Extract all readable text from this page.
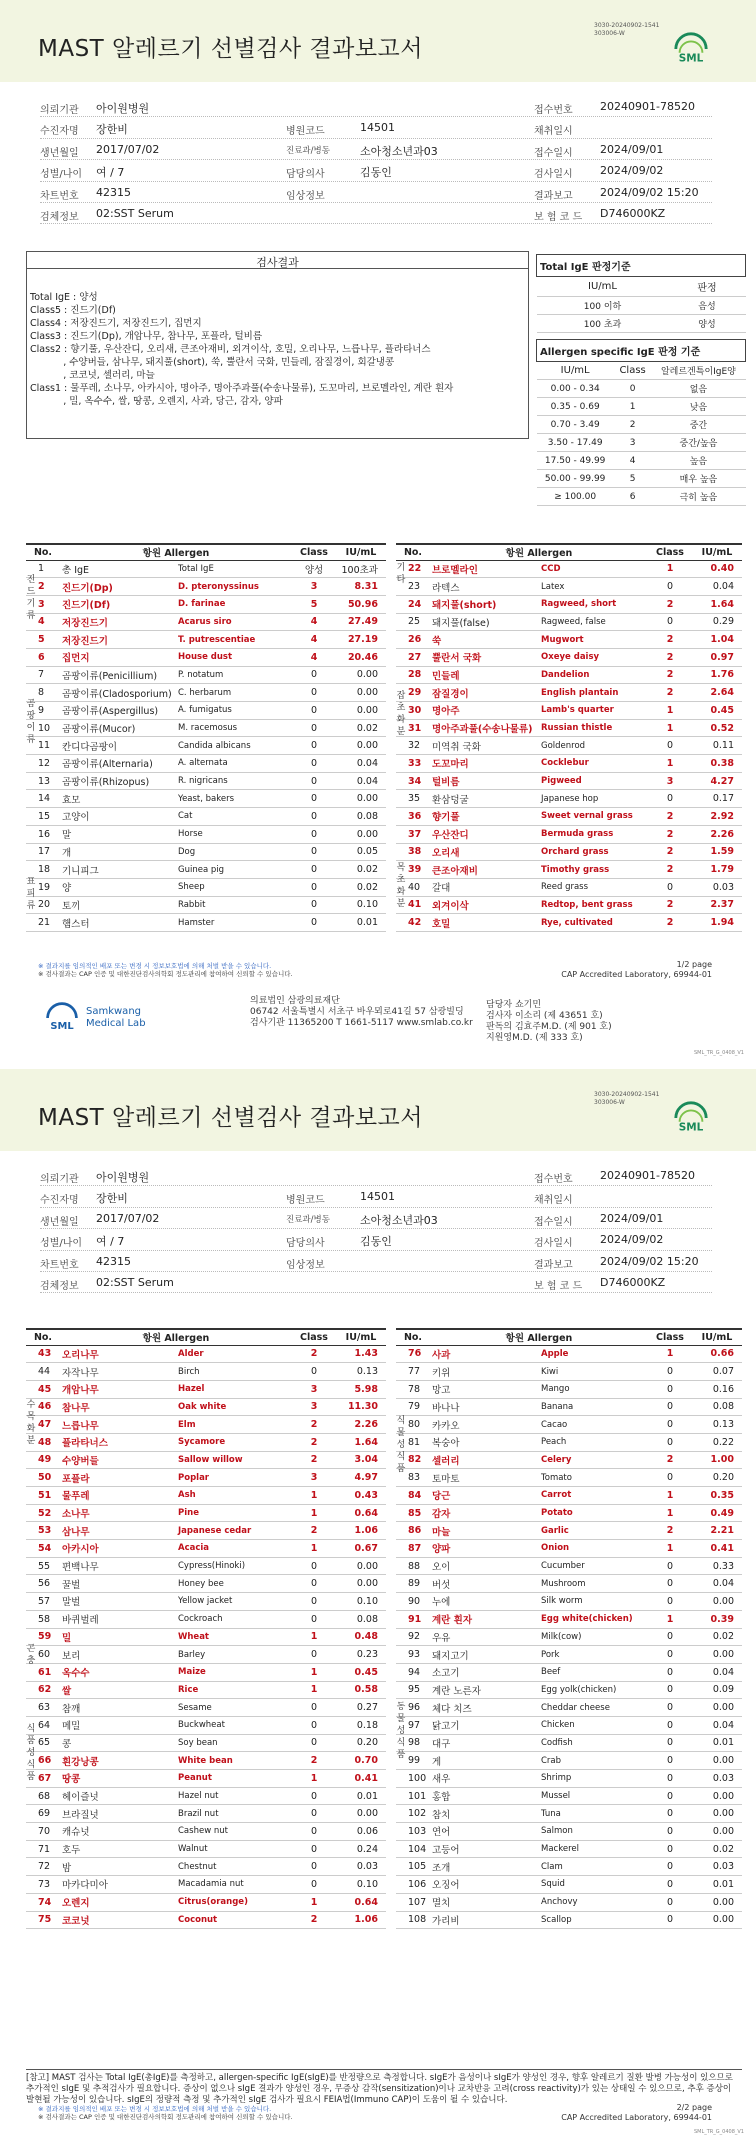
MAST 알레르기 선별검사 결과보고서
3030-20240902-1541
303006-W
SML
의뢰기관 아이원병원	접수번호 20240901-78520
수진자명 장한비	병원코드	14501	채취일시
생년월일 2017/07/02	진료과/병동	소아청소년과03	접수일시 2024/09/01
성별/나이 여 / 7	담당의사	김동인	검사일시 2024/09/02
차트번호 42315	임상정보	결과보고 2024/09/02 15:20
검체정보 02:SST Serum	보 험 코 드 D746000KZ
검사결과
Total IgE : 양성
Class5 : 진드기(Df)
Class4 : 저장진드기, 저장진드기, 집먼지
Class3 : 진드기(Dp), 개암나무, 참나무, 포플라, 털비름
Class2 : 향기풀, 우산잔디, 오리새, 큰조아재비, 외겨이삭, 호밀, 오리나무, 느릅나무, 플라타너스
, 수양버들, 삼나무, 돼지풀(short), 쑥, 뿔란서 국화, 민들레, 잠질경이, 회갈냉콩
, 코코넛, 셀러리, 마늘
Class1 : 물푸레, 소나무, 아카시아, 명아주, 명아주과풀(수송나물류), 도꼬마리, 브로멜라인, 계란 흰자
, 밀, 옥수수, 쌀, 땅콩, 오렌지, 사과, 당근, 감자, 양파
Total IgE 판정기준	
IU/mL	판정
100 이하	음성
100 초과	양성
Allergen specific IgE 판정 기준		
IU/mL	Class	알레르겐특이IgE양
0.00 - 0.34	0	없음
0.35 - 0.69	1	낮음
0.70 - 3.49	2	중간
3.50 - 17.49	3	중간/높음
17.50 - 49.99	4	높음
50.00 - 99.99	5	매우 높음
≥ 100.00	6	극히 높음
No.	항원 Allergen		Class	IU/mL
1	총 IgE	Total IgE	양성	100초과
2	진드기(Dp)	D. pteronyssinus	3	8.31
3	진드기(Df)	D. farinae	5	50.96
4	저장진드기	Acarus siro	4	27.49
5	저장진드기	T. putrescentiae	4	27.19
6	집먼지	House dust	4	20.46
7	곰팡이류(Penicillium)	P. notatum	0	0.00
8	곰팡이류(Cladosporium)	C. herbarum	0	0.00
9	곰팡이류(Aspergillus)	A. fumigatus	0	0.00
10	곰팡이류(Mucor)	M. racemosus	0	0.02
11	칸디다곰팡이	Candida albicans	0	0.00
12	곰팡이류(Alternaria)	A. alternata	0	0.04
13	곰팡이류(Rhizopus)	R. nigricans	0	0.04
14	효모	Yeast, bakers	0	0.00
15	고양이	Cat	0	0.08
16	말	Horse	0	0.00
17	개	Dog	0	0.05
18	기니피그	Guinea pig	0	0.02
19	양	Sheep	0	0.02
20	토끼	Rabbit	0	0.10
21	햄스터	Hamster	0	0.01
No.	항원 Allergen		Class	IU/mL
22	브로멜라인	CCD	1	0.40
23	라텍스	Latex	0	0.04
24	돼지풀(short)	Ragweed, short	2	1.64
25	돼지풀(false)	Ragweed, false	0	0.29
26	쑥	Mugwort	2	1.04
27	뿔란서 국화	Oxeye daisy	2	0.97
28	민들레	Dandelion	2	1.76
29	잠질경이	English plantain	2	2.64
30	명아주	Lamb's quarter	1	0.45
31	명아주과풀(수송나물류)	Russian thistle	1	0.52
32	미역취 국화	Goldenrod	0	0.11
33	도꼬마리	Cocklebur	1	0.38
34	털비름	Pigweed	3	4.27
35	환삼덩굴	Japanese hop	0	0.17
36	향기풀	Sweet vernal grass	2	2.92
37	우산잔디	Bermuda grass	2	2.26
38	오리새	Orchard grass	2	1.59
39	큰조아재비	Timothy grass	2	1.79
40	갈대	Reed grass	0	0.03
41	외겨이삭	Redtop, bent grass	2	2.37
42	호밀	Rye, cultivated	2	1.94
※ 결과지를 임의적인 배포 또는 변경 시 정보보호법에 의해 처벌 받을 수 있습니다.
※ 검사결과는 CAP 인증 및 대한진단검사의학회 정도관리에 참여하여 신뢰할 수 있습니다.
1/2 page
CAP Accredited Laboratory, 69944-01
SML
Samkwang
Medical Lab
의료법인 삼광의료재단
06742 서울특별시 서초구 바우뫼로41길 57 삼광빌딩
검사기관 11365200 T 1661-5117 www.smlab.co.kr
담당자 쇼기민
검사자 이소리 (제 43651 호)
판독의 김효주M.D. (제 901 호)
지원영M.D. (제 333 호)
SML_TR_G_0408_V1
진드기류
곰팡이류
표피류
기타
잡초화분
목초화분
MAST 알레르기 선별검사 결과보고서
3030-20240902-1541
303006-W
SML
의뢰기관 아이원병원	접수번호 20240901-78520
수진자명 장한비	병원코드	14501	채취일시
생년월일 2017/07/02	진료과/병동	소아청소년과03	접수일시 2024/09/01
성별/나이 여 / 7	담당의사	김동인	검사일시 2024/09/02
차트번호 42315	임상정보	결과보고 2024/09/02 15:20
검체정보 02:SST Serum	보 험 코 드 D746000KZ
No.	항원 Allergen		Class	IU/mL
43	오리나무	Alder	2	1.43
44	자작나무	Birch	0	0.13
45	개암나무	Hazel	3	5.98
46	참나무	Oak white	3	11.30
47	느릅나무	Elm	2	2.26
48	플라타너스	Sycamore	2	1.64
49	수양버들	Sallow willow	2	3.04
50	포플라	Poplar	3	4.97
51	물푸레	Ash	1	0.43
52	소나무	Pine	1	0.64
53	삼나무	Japanese cedar	2	1.06
54	아카시아	Acacia	1	0.67
55	편백나무	Cypress(Hinoki)	0	0.00
56	꿀벌	Honey bee	0	0.00
57	말벌	Yellow jacket	0	0.10
58	바퀴벌레	Cockroach	0	0.08
59	밀	Wheat	1	0.48
60	보리	Barley	0	0.23
61	옥수수	Maize	1	0.45
62	쌀	Rice	1	0.58
63	참깨	Sesame	0	0.27
64	메밀	Buckwheat	0	0.18
65	콩	Soy bean	0	0.20
66	흰강낭콩	White bean	2	0.70
67	땅콩	Peanut	1	0.41
68	헤이즐넛	Hazel nut	0	0.01
69	브라질넛	Brazil nut	0	0.00
70	캐슈넛	Cashew nut	0	0.06
71	호두	Walnut	0	0.24
72	밤	Chestnut	0	0.03
73	마카다미아	Macadamia nut	0	0.10
74	오렌지	Citrus(orange)	1	0.64
75	코코넛	Coconut	2	1.06
No.	항원 Allergen		Class	IU/mL
76	사과	Apple	1	0.66
77	키위	Kiwi	0	0.07
78	망고	Mango	0	0.16
79	바나나	Banana	0	0.08
80	카카오	Cacao	0	0.13
81	복숭아	Peach	0	0.22
82	셀러리	Celery	2	1.00
83	토마토	Tomato	0	0.20
84	당근	Carrot	1	0.35
85	감자	Potato	1	0.49
86	마늘	Garlic	2	2.21
87	양파	Onion	1	0.41
88	오이	Cucumber	0	0.33
89	버섯	Mushroom	0	0.04
90	누에	Silk worm	0	0.00
91	계란 흰자	Egg white(chicken)	1	0.39
92	우유	Milk(cow)	0	0.02
93	돼지고기	Pork	0	0.00
94	소고기	Beef	0	0.04
95	계란 노른자	Egg yolk(chicken)	0	0.09
96	체다 치즈	Cheddar cheese	0	0.00
97	닭고기	Chicken	0	0.04
98	대구	Codfish	0	0.01
99	게	Crab	0	0.00
100	새우	Shrimp	0	0.03
101	홍합	Mussel	0	0.00
102	참치	Tuna	0	0.00
103	연어	Salmon	0	0.00
104	고등어	Mackerel	0	0.02
105	조개	Clam	0	0.03
106	오징어	Squid	0	0.01
107	멸치	Anchovy	0	0.00
108	가리비	Scallop	0	0.00
[참고] MAST 검사는 Total IgE(총IgE)를 측정하고, allergen-specific IgE(sIgE)를 반정량으로 측정합니다. sIgE가 음성이나 sIgE가 양성인 경우, 향후 알레르기 질환 발병 가능성이 있으므로 추가적인 sIgE 및 추적검사가 필요합니다. 증상이 없으나 sIgE 결과가 양성인 경우, 무증상 감작(sensitization)이나 교차반응 고려(cross reactivity)가 있는 상태일 수 있으므로, 추후 증상이 발현될 가능성이 있습니다. sIgE의 정량적 측정 및 추가적인 sIgE 검사가 필요시 FEIA법(Immuno CAP)이 도움이 될 수 있습니다.
※ 결과지를 임의적인 배포 또는 변경 시 정보보호법에 의해 처벌 받을 수 있습니다.
※ 검사결과는 CAP 인증 및 대한진단검사의학회 정도관리에 참여하여 신뢰할 수 있습니다.
2/2 page
CAP Accredited Laboratory, 69944-01
SML_TR_G_0408_V1
수목화분
곤충
식품성식품
식물성식품
동물성식품
